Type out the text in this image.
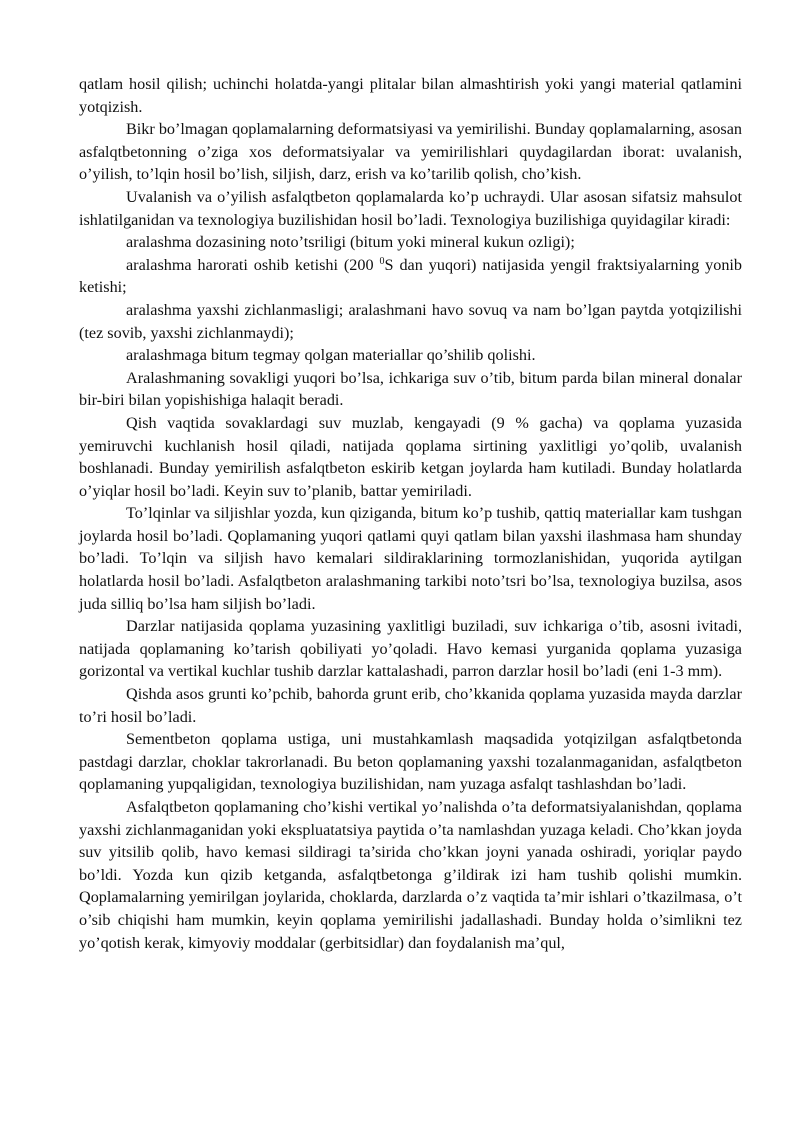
qatlam hosil qilish; uchinchi holatda-yangi plitalar bilan almashtirish yoki yangi material qatlamini yotqizish.

Bikr bo’lmagan qoplamalarning deformatsiyasi va yemirilishi. Bunday qoplamalarning, asosan asfalqtbetonning o’ziga xos deformatsiyalar va yemirilishlari quydagilardan iborat: uvalanish, o’yilish, to’lqin hosil bo’lish, siljish, darz, erish va ko’tarilib qolish, cho’kish.

Uvalanish va o’yilish asfalqtbeton qoplamalarda ko’p uchraydi. Ular asosan sifatsiz mahsulot ishlatilganidan va texnologiya buzilishidan hosil bo’ladi. Texnologiya buzilishiga quyidagilar kiradi:

aralashma dozasining noto’tsriligi (bitum yoki mineral kukun ozligi);

aralashma harorati oshib ketishi (200 $^0$S dan yuqori) natijasida yengil fraktsiyalarning yonib ketishi;

aralashma yaxshi zichlanmasligi; aralashmani havo sovuq va nam bo’lgan paytda yotqizilishi (tez sovib, yaxshi zichlanmaydi);

aralashmaga bitum tegmay qolgan materiallar qo’shilib qolishi.

Aralashmaning sovakligi yuqori bo’lsa, ichkariga suv o’tib, bitum parda bilan mineral donalar bir-biri bilan yopishishiga halaqit beradi.

Qish vaqtida sovaklardagi suv muzlab, kengayadi (9 % gacha) va qoplama yuzasida yemiruvchi kuchlanish hosil qiladi, natijada qoplama sirtining yaxlitligi yo’qolib, uvalanish boshlanadi. Bunday yemirilish asfalqtbeton eskirib ketgan joylarda ham kutiladi. Bunday holatlarda o’yiqlar hosil bo’ladi. Keyin suv to’planib, battar yemiriladi.

To’lqinlar va siljishlar yozda, kun qiziganda, bitum ko’p tushib, qattiq materiallar kam tushgan joylarda hosil bo’ladi. Qoplamaning yuqori qatlami quyi qatlam bilan yaxshi ilashmasa ham shunday bo’ladi. To’lqin va siljish havo kemalari sildiraklarining tormozlanishidan, yuqorida aytilgan holatlarda hosil bo’ladi. Asfalqtbeton aralashmaning tarkibi noto’tsri bo’lsa, texnologiya buzilsa, asos juda silliq bo’lsa ham siljish bo’ladi.

Darzlar natijasida qoplama yuzasining yaxlitligi buziladi, suv ichkariga o’tib, asosni ivitadi, natijada qoplamaning ko’tarish qobiliyati yo’qoladi. Havo kemasi yurganida qoplama yuzasiga gorizontal va vertikal kuchlar tushib darzlar kattalashadi, parron darzlar hosil bo’ladi (eni 1-3 mm).

Qishda asos grunti ko’pchib, bahorda grunt erib, cho’kkanida qoplama yuzasida mayda darzlar to’ri hosil bo’ladi.

Sementbeton qoplama ustiga, uni mustahkamlash maqsadida yotqizilgan asfalqtbetonda pastdagi darzlar, choklar takrorlanadi. Bu beton qoplamaning yaxshi tozalanmaganidan, asfalqtbeton qoplamaning yupqaligidan, texnologiya buzilishidan, nam yuzaga asfalqt tashlashdan bo’ladi.

Asfalqtbeton qoplamaning cho’kishi vertikal yo’nalishda o’ta deformatsiyalanishdan, qoplama yaxshi zichlanmaganidan yoki ekspluatatsiya paytida o’ta namlashdan yuzaga keladi. Cho’kkan joyda suv yitsilib qolib, havo kemasi sildiragi ta’sirida cho’kkan joyni yanada oshiradi, yoriqlar paydo bo’ldi. Yozda kun qizib ketganda, asfalqtbetonga g’ildirak izi ham tushib qolishi mumkin. Qoplamalarning yemirilgan joylarida, choklarda, darzlarda o’z vaqtida ta’mir ishlari o’tkazilmasa, o’t o’sib chiqishi ham mumkin, keyin qoplama yemirilishi jadallashadi. Bunday holda o’simlikni tez yo’qotish kerak, kimyoviy moddalar (gerbitsidlar) dan foydalanish ma’qul,
